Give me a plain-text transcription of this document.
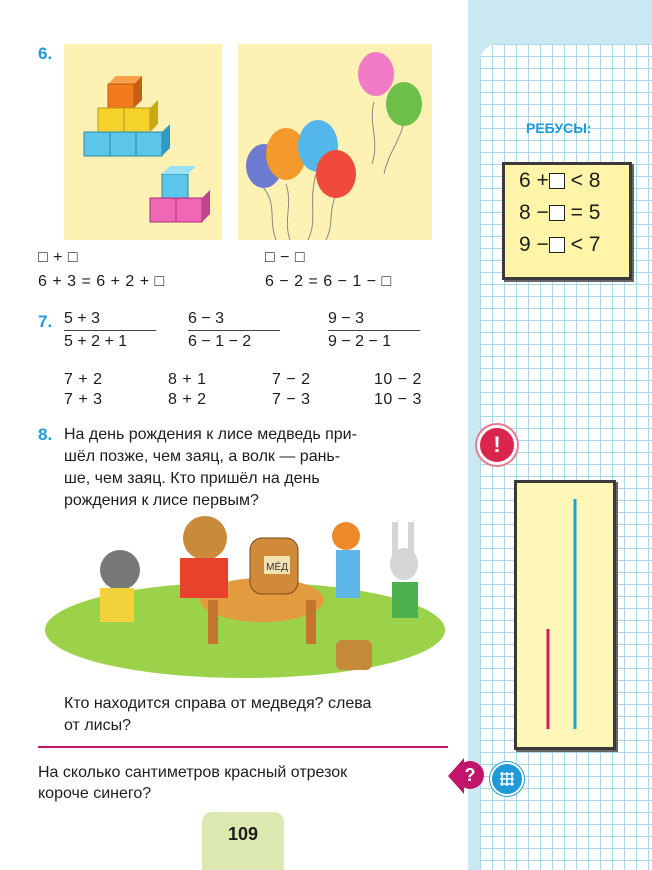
6.
□ + □
6 + 3 = 6 + 2 + □
□ − □
6 − 2 = 6 − 1 − □
7. $\frac{5 + 3}{5 + 2 + 1} \frac{6 - 3}{6 - 1 - 2}$	$\frac{9 - 3}{9 - 2 - 1}$
7 + 2
7 + 3
8 + 1
8 + 2
7 − 2
7 − 3
10 − 2
10 − 3
8. На день рождения к лисе медведь при-
шёл позже, чем заяц, а волк — рань-
ше, чем заяц. Кто пришёл на день
рождения к лисе первым?
МЁД
Кто находится справа от медведя? слева
от лисы?
На сколько сантиметров красный отрезок
короче синего?
109
РЕБУСЫ:
6 + < 8
8 − = 5
9 − < 7
!
?
